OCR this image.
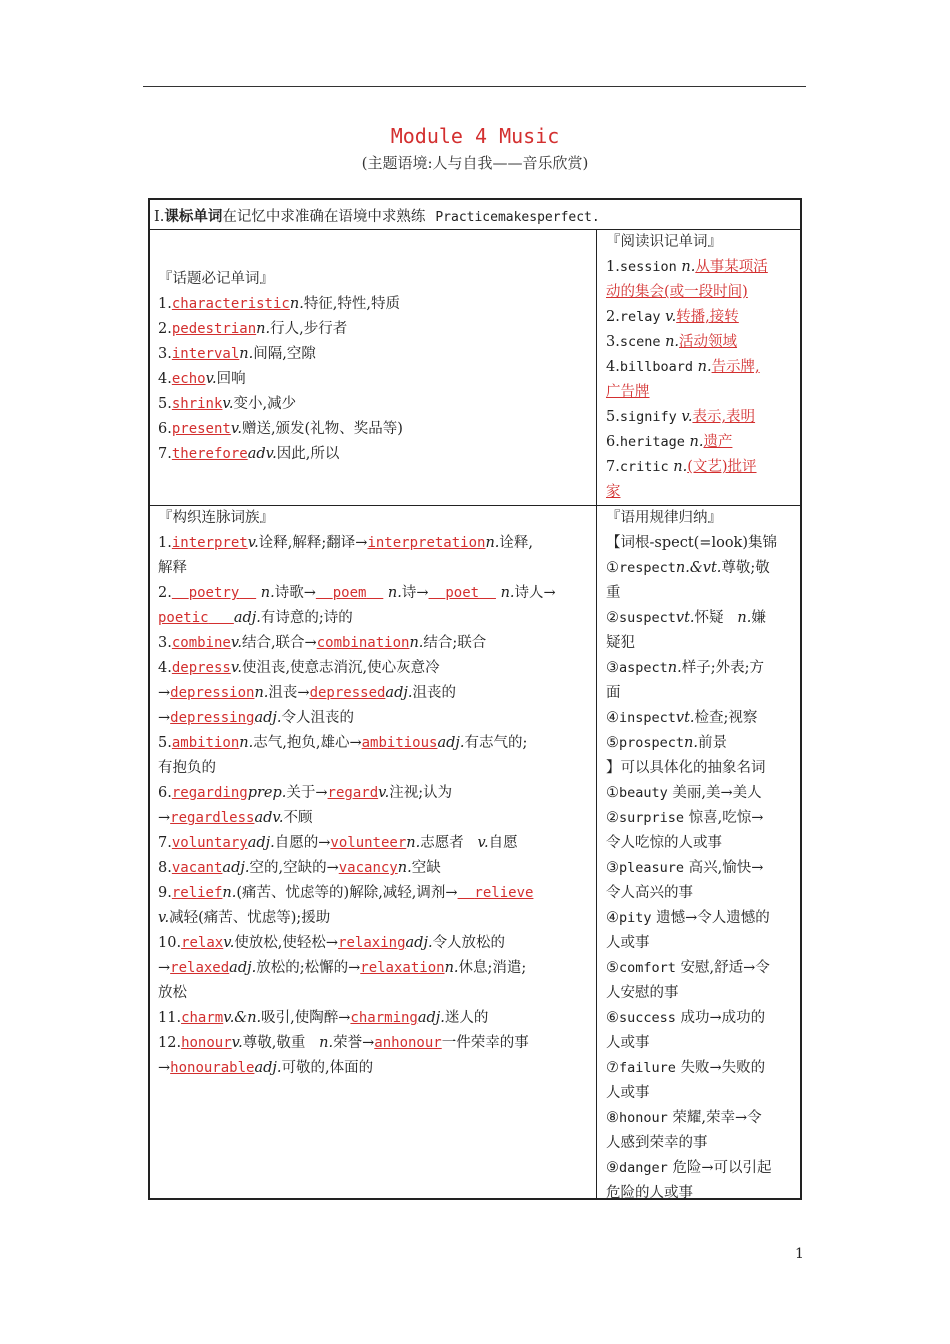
Module 4 Music
(主题语境:人与自我——音乐欣赏)
Ⅰ.课标单词在记忆中求准确在语境中求熟练 Practicemakesperfect.
『话题必记单词』
1.characteristicn.特征,特性,特质
2.pedestriann.行人,步行者
3.intervaln.间隔,空隙
4.echov.回响
5.shrinkv.变小,减少
6.presentv.赠送,颁发(礼物、奖品等)
7.thereforeadv.因此,所以
『阅读识记单词』
1.session n.从事某项活
动的集会(或一段时间)
2.relay v.转播,接转
3.scene n.活动领域
4.billboard n.告示牌,
广告牌
5.signify v.表示,表明
6.heritage n.遗产
7.critic n.(文艺)批评
家
『构织连脉词族』
1.interpretv.诠释,解释;翻译→interpretationn.诠释,
解释
2. poetry n.诗歌→ poem n.诗→ poet n.诗人→
poetic adj.有诗意的;诗的
3.combinev.结合,联合→combinationn.结合;联合
4.depressv.使沮丧,使意志消沉,使心灰意冷
→depressionn.沮丧→depressedadj.沮丧的
→depressingadj.令人沮丧的
5.ambitionn.志气,抱负,雄心→ambitiousadj.有志气的;
有抱负的
6.regardingprep.关于→regardv.注视;认为
→regardlessadv.不顾
7.voluntaryadj.自愿的→volunteern.志愿者 v.自愿
8.vacantadj.空的,空缺的→vacancyn.空缺
9.reliefn.(痛苦、忧虑等的)解除,减轻,调剂→ relieve
v.减轻(痛苦、忧虑等);援助
10.relaxv.使放松,使轻松→relaxingadj.令人放松的
→relaxedadj.放松的;松懈的→relaxationn.休息;消遣;
放松
11.charmv.&n.吸引,使陶醉→charmingadj.迷人的
12.honourv.尊敬,敬重 n.荣誉→anhonour一件荣幸的事
→honourableadj.可敬的,体面的
『语用规律归纳』
【词根-spect(=look)集锦
①respectn.&vt.尊敬;敬
重
②suspectvt.怀疑 n.嫌
疑犯
③aspectn.样子;外表;方
面
④inspectvt.检查;视察
⑤prospectn.前景
】可以具体化的抽象名词
①beauty 美丽,美→美人
②surprise 惊喜,吃惊→
令人吃惊的人或事
③pleasure 高兴,愉快→
令人高兴的事
④pity 遗憾→令人遗憾的
人或事
⑤comfort 安慰,舒适→令
人安慰的事
⑥success 成功→成功的
人或事
⑦failure 失败→失败的
人或事
⑧honour 荣耀,荣幸→令
人感到荣幸的事
⑨danger 危险→可以引起
危险的人或事
1
